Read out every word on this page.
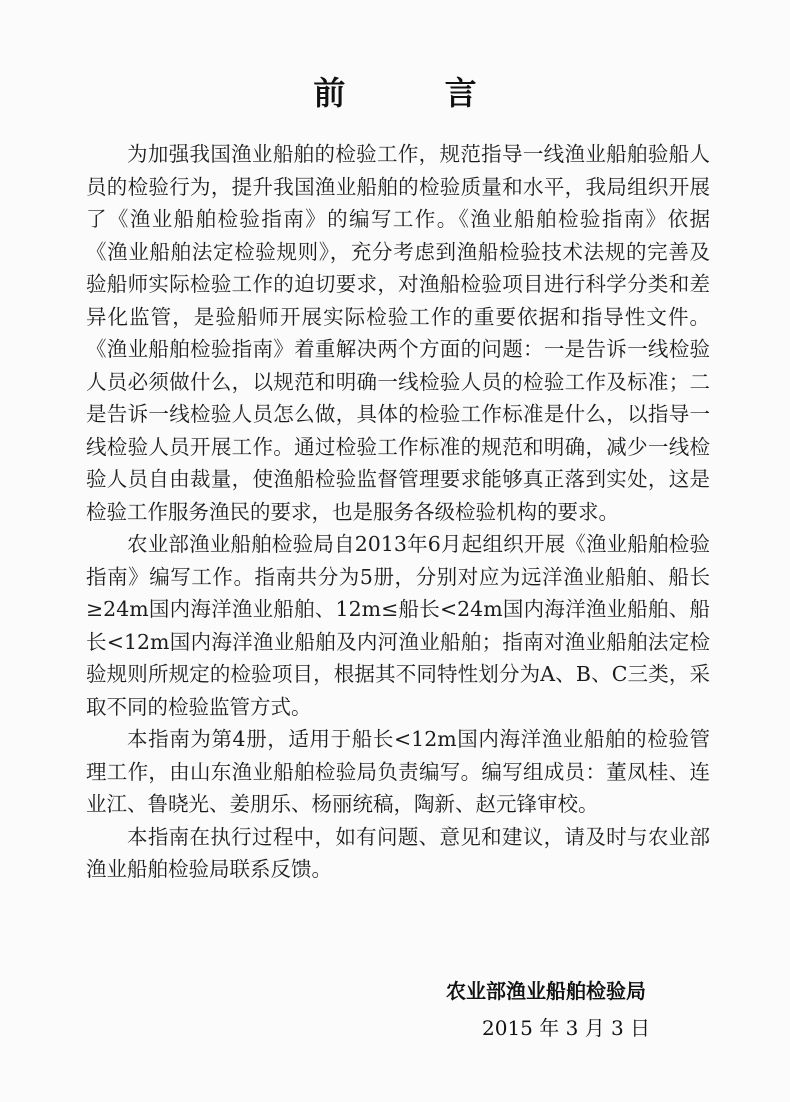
前 言

为加强我国渔业船舶的检验工作，规范指导一线渔业船舶验船人员的检验行为，提升我国渔业船舶的检验质量和水平，我局组织开展了《渔业船舶检验指南》的编写工作。《渔业船舶检验指南》依据《渔业船舶法定检验规则》，充分考虑到渔船检验技术法规的完善及验船师实际检验工作的迫切要求，对渔船检验项目进行科学分类和差异化监管，是验船师开展实际检验工作的重要依据和指导性文件。《渔业船舶检验指南》着重解决两个方面的问题：一是告诉一线检验人员必须做什么，以规范和明确一线检验人员的检验工作及标准；二是告诉一线检验人员怎么做，具体的检验工作标准是什么，以指导一线检验人员开展工作。通过检验工作标准的规范和明确，减少一线检验人员自由裁量，使渔船检验监督管理要求能够真正落到实处，这是检验工作服务渔民的要求，也是服务各级检验机构的要求。

农业部渔业船舶检验局自2013年6月起组织开展《渔业船舶检验指南》编写工作。指南共分为5册，分别对应为远洋渔业船舶、船长≥24m国内海洋渔业船舶、12m≤船长<24m国内海洋渔业船舶、船长<12m国内海洋渔业船舶及内河渔业船舶；指南对渔业船舶法定检验规则所规定的检验项目，根据其不同特性划分为A、B、C三类，采取不同的检验监管方式。

本指南为第4册，适用于船长<12m国内海洋渔业船舶的检验管理工作，由山东渔业船舶检验局负责编写。编写组成员：董凤桂、连业江、鲁晓光、姜朋乐、杨丽统稿，陶新、赵元锋审校。

本指南在执行过程中，如有问题、意见和建议，请及时与农业部渔业船舶检验局联系反馈。

农业部渔业船舶检验局
2015 年 3 月 3 日
